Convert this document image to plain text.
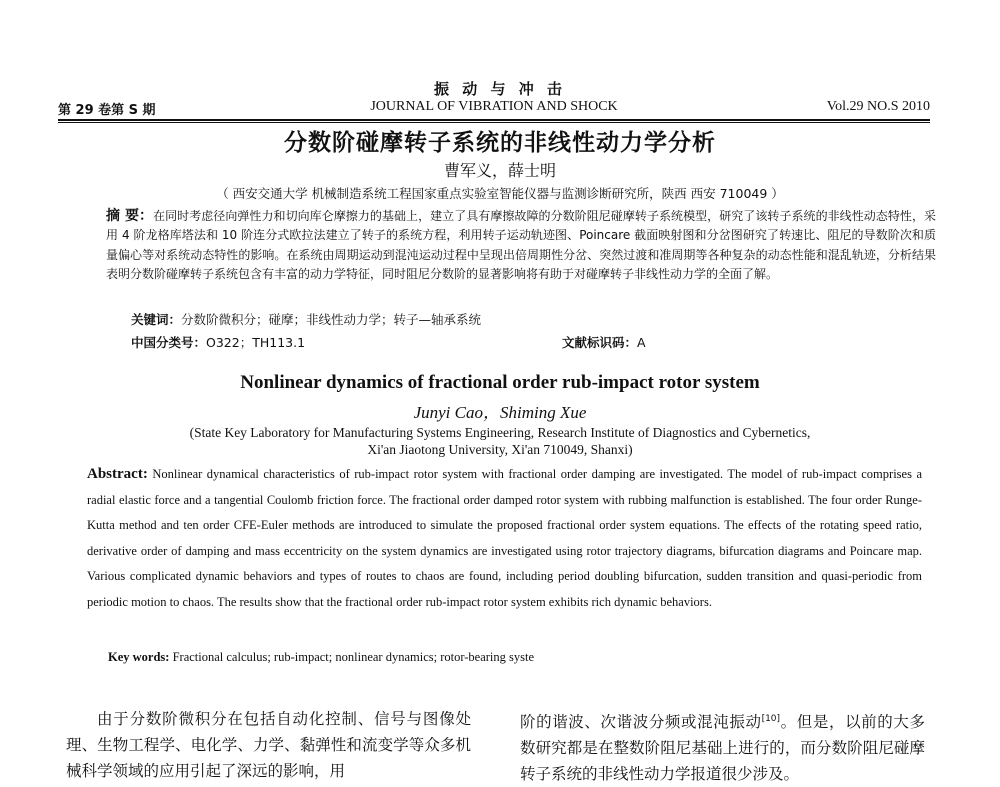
振 动 与 冲 击
第 29 卷第 S 期	JOURNAL OF VIBRATION AND SHOCK	Vol.29 NO.S 2010
分数阶碰摩转子系统的非线性动力学分析
曹军义，薛士明
（ 西安交通大学 机械制造系统工程国家重点实验室智能仪器与监测诊断研究所，陕西 西安 710049 ）
摘 要：在同时考虑径向弹性力和切向库仑摩擦力的基础上，建立了具有摩擦故障的分数阶阻尼碰摩转子系统模型，研究了该转子系统的非线性动态特性，采用 4 阶龙格库塔法和 10 阶连分式欧拉法建立了转子的系统方程，利用转子运动轨迹图、Poincare 截面映射图和分岔图研究了转速比、阻尼的导数阶次和质量偏心等对系统动态特性的影响。在系统由周期运动到混沌运动过程中呈现出倍周期性分岔、突然过渡和准周期等各种复杂的动态性能和混乱轨迹，分析结果表明分数阶碰摩转子系统包含有丰富的动力学特征，同时阻尼分数阶的显著影响将有助于对碰摩转子非线性动力学的全面了解。
关键词：分数阶微积分；碰摩；非线性动力学；转子—轴承系统
中国分类号：O322；TH113.1	文献标识码：A
Nonlinear dynamics of fractional order rub-impact rotor system
Junyi Cao，Shiming Xue
(State Key Laboratory for Manufacturing Systems Engineering, Research Institute of Diagnostics and Cybernetics,
Xi'an Jiaotong University, Xi'an 710049, Shanxi)
Abstract: Nonlinear dynamical characteristics of rub-impact rotor system with fractional order damping are investigated. The model of rub-impact comprises a radial elastic force and a tangential Coulomb friction force. The fractional order damped rotor system with rubbing malfunction is established. The four order Runge-Kutta method and ten order CFE-Euler methods are introduced to simulate the proposed fractional order system equations. The effects of the rotating speed ratio, derivative order of damping and mass eccentricity on the system dynamics are investigated using rotor trajectory diagrams, bifurcation diagrams and Poincare map. Various complicated dynamic behaviors and types of routes to chaos are found, including period doubling bifurcation, sudden transition and quasi-periodic from periodic motion to chaos. The results show that the fractional order rub-impact rotor system exhibits rich dynamic behaviors.
Key words: Fractional calculus; rub-impact; nonlinear dynamics; rotor-bearing syste
由于分数阶微积分在包括自动化控制、信号与图像处理、生物工程学、电化学、力学、黏弹性和流变学等众多机械科学领域的应用引起了深远的影响，用
阶的谐波、次谐波分频或混沌振动[10]。但是，以前的大多数研究都是在整数阶阻尼基础上进行的，而分数阶阻尼碰摩转子系统的非线性动力学报道很少涉及。
